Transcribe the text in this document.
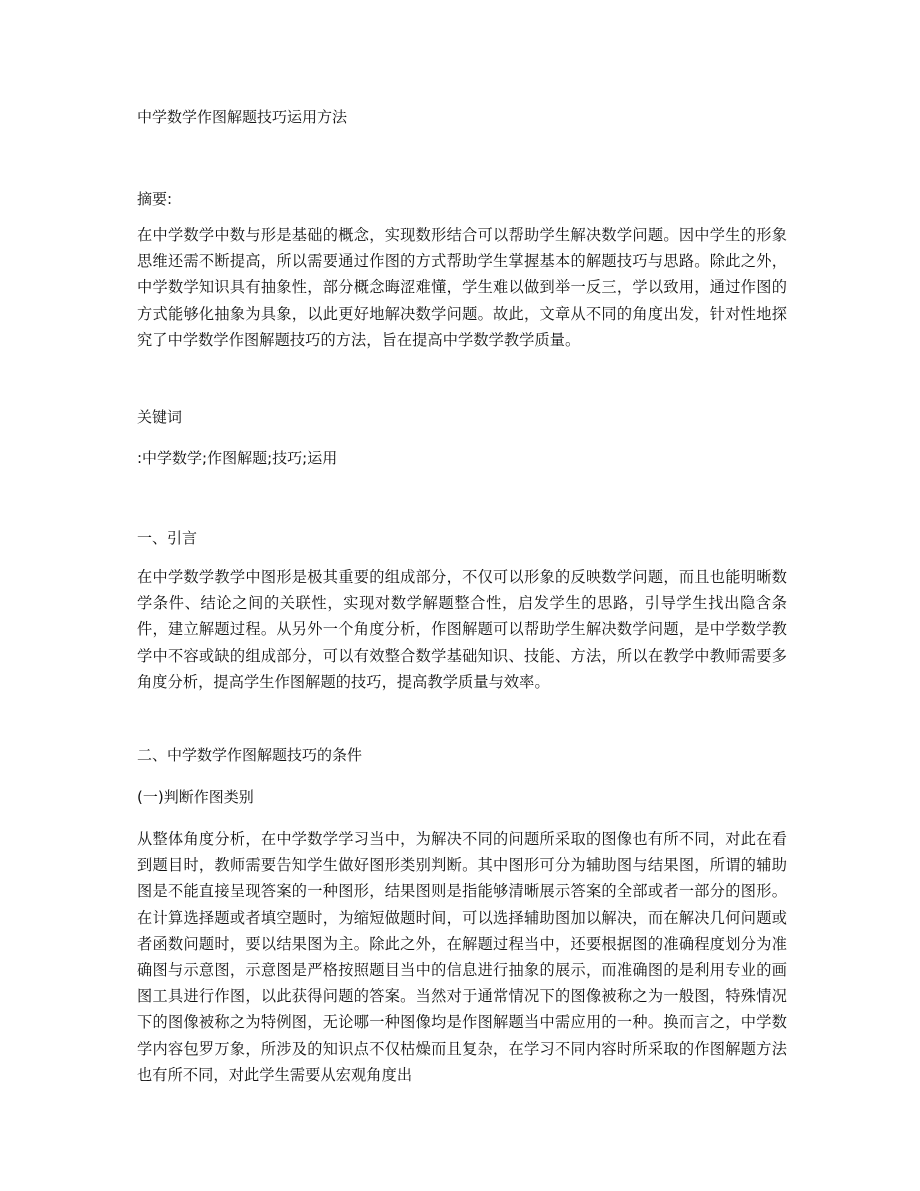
中学数学作图解题技巧运用方法
摘要:
在中学数学中数与形是基础的概念，实现数形结合可以帮助学生解决数学问题。因中学生的形象思维还需不断提高，所以需要通过作图的方式帮助学生掌握基本的解题技巧与思路。除此之外，中学数学知识具有抽象性，部分概念晦涩难懂，学生难以做到举一反三，学以致用，通过作图的方式能够化抽象为具象，以此更好地解决数学问题。故此，文章从不同的角度出发，针对性地探究了中学数学作图解题技巧的方法，旨在提高中学数学教学质量。
关键词
:中学数学;作图解题;技巧;运用
一、引言
在中学数学教学中图形是极其重要的组成部分，不仅可以形象的反映数学问题，而且也能明晰数学条件、结论之间的关联性，实现对数学解题整合性，启发学生的思路，引导学生找出隐含条件，建立解题过程。从另外一个角度分析，作图解题可以帮助学生解决数学问题，是中学数学教学中不容或缺的组成部分，可以有效整合数学基础知识、技能、方法，所以在教学中教师需要多角度分析，提高学生作图解题的技巧，提高教学质量与效率。
二、中学数学作图解题技巧的条件
(一)判断作图类别
从整体角度分析，在中学数学学习当中，为解决不同的问题所采取的图像也有所不同，对此在看到题目时，教师需要告知学生做好图形类别判断。其中图形可分为辅助图与结果图，所谓的辅助图是不能直接呈现答案的一种图形，结果图则是指能够清晰展示答案的全部或者一部分的图形。在计算选择题或者填空题时，为缩短做题时间，可以选择辅助图加以解决，而在解决几何问题或者函数问题时，要以结果图为主。除此之外，在解题过程当中，还要根据图的准确程度划分为准确图与示意图，示意图是严格按照题目当中的信息进行抽象的展示，而准确图的是利用专业的画图工具进行作图，以此获得问题的答案。当然对于通常情况下的图像被称之为一般图，特殊情况下的图像被称之为特例图，无论哪一种图像均是作图解题当中需应用的一种。换而言之，中学数学内容包罗万象，所涉及的知识点不仅枯燥而且复杂，在学习不同内容时所采取的作图解题方法也有所不同，对此学生需要从宏观角度出
